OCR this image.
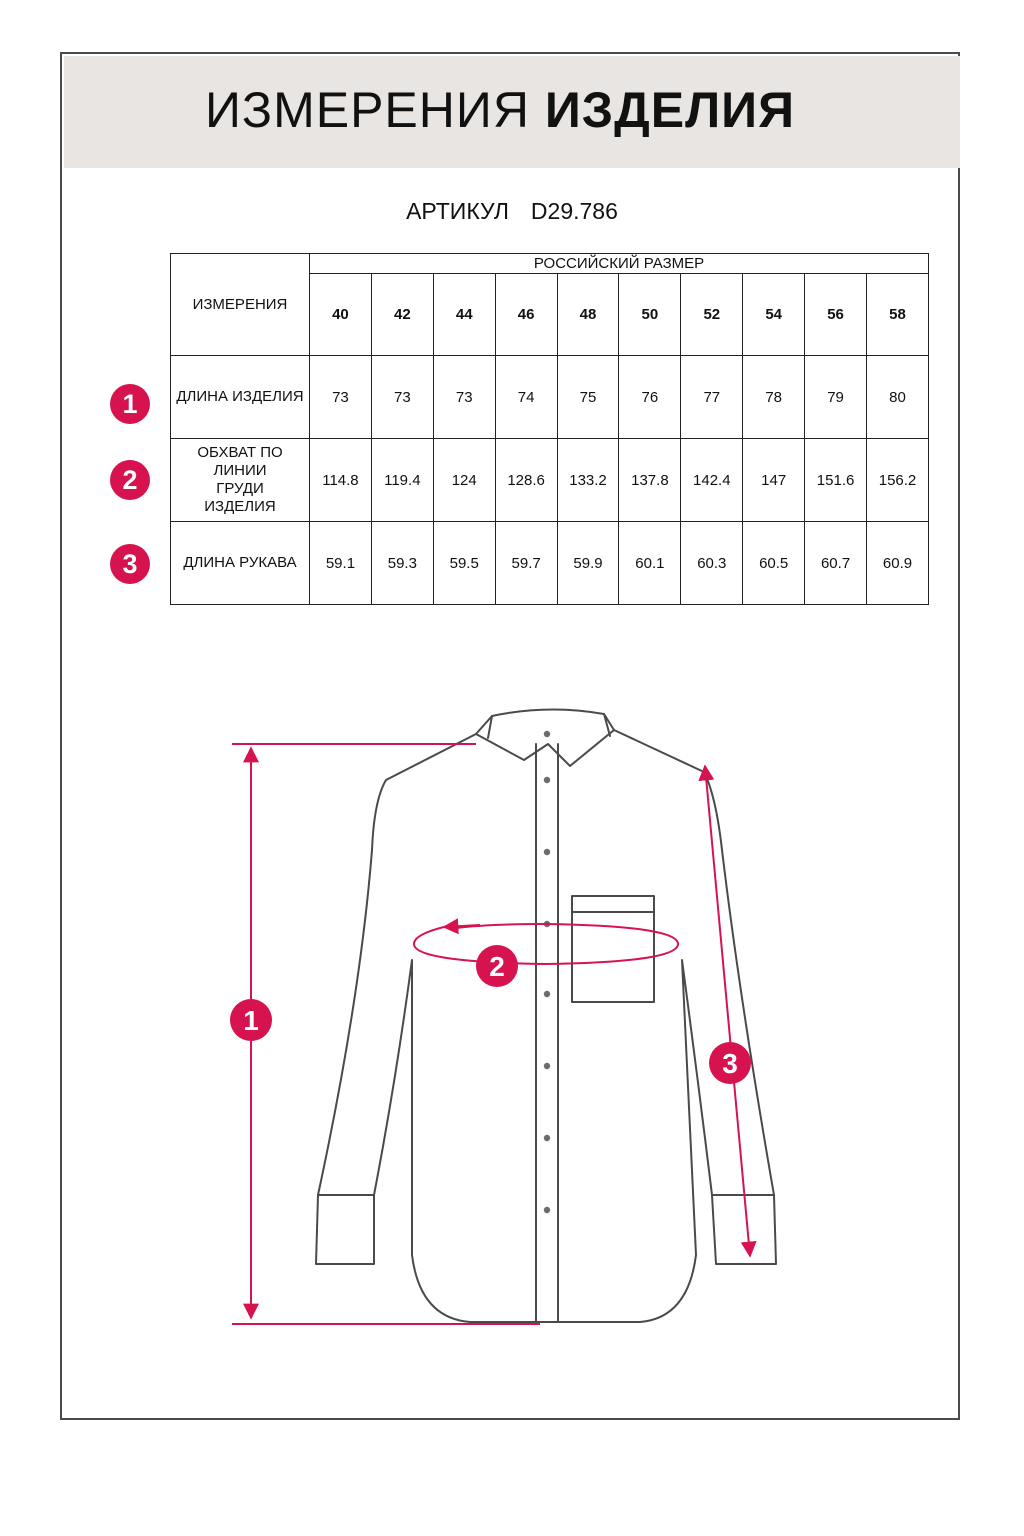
ИЗМЕРЕНИЯ ИЗДЕЛИЯ
АРТИКУЛ D29.786
1
2
3
ИЗМЕРЕНИЯ	РОССИЙСКИЙ РАЗМЕР									
	40	42	44	46	48	50	52	54	56	58
ДЛИНА ИЗДЕЛИЯ	73	73	73	74	75	76	77	78	79	80
ОБХВАТ ПО ЛИНИИ ГРУДИ ИЗДЕЛИЯ	114.8	119.4	124	128.6	133.2	137.8	142.4	147	151.6	156.2
ДЛИНА РУКАВА	59.1	59.3	59.5	59.7	59.9	60.1	60.3	60.5	60.7	60.9
1
2
3
